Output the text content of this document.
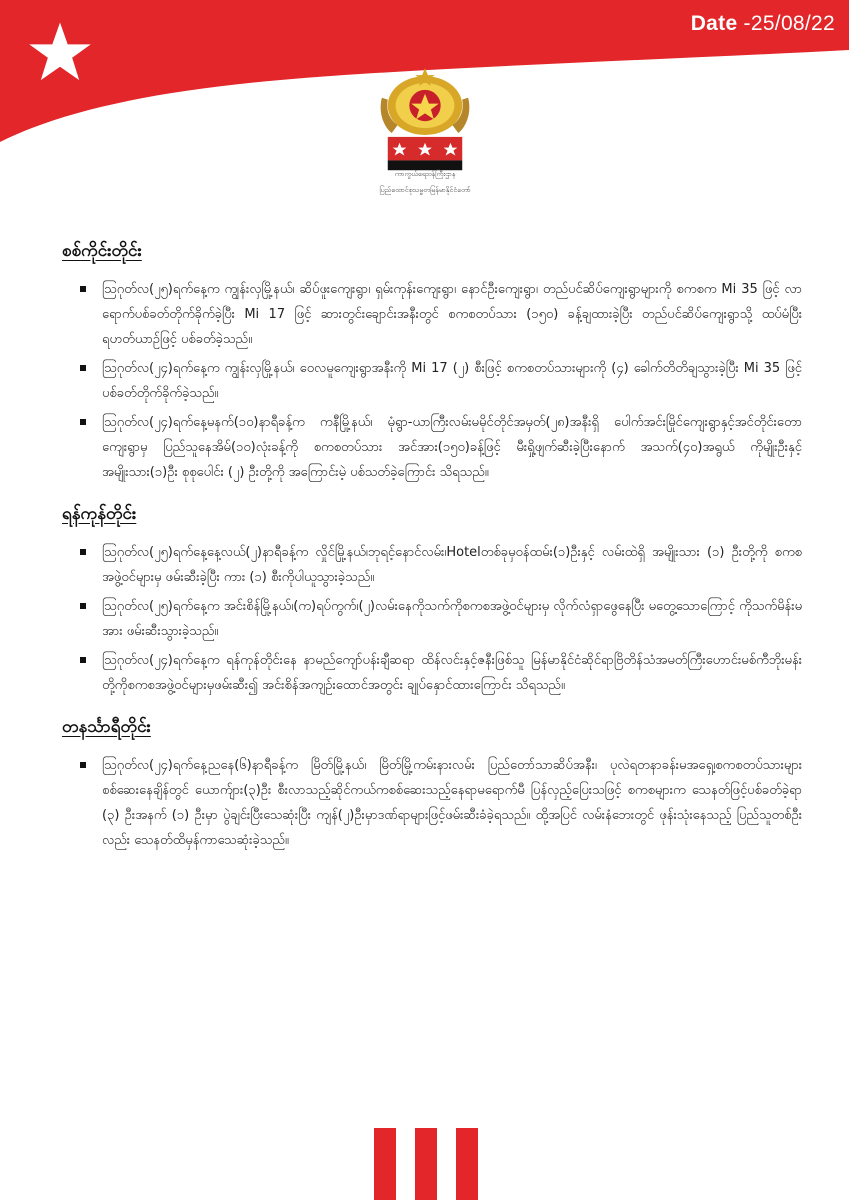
Date -25/08/22
ကာကွယ်ရေးဝန်ကြီးဌာန
ပြည်ထောင်စုသမ္မတမြန်မာနိုင်ငံတော်
စစ်ကိုင်းတိုင်း
ဩဂုတ်လ(၂၅)ရက်နေ့က ကျွန်းလှမြို့နယ်၊ ဆိပ်ဖူးကျေးရွာ၊ ရှမ်းကုန်းကျေးရွာ၊ နောင်ဦးကျေးရွာ၊ တည်ပင်ဆိပ်ကျေးရွာများကို စကစက Mi 35 ဖြင့် လာရောက်ပစ်ခတ်တိုက်ခိုက်ခဲ့ပြီး Mi 17 ဖြင့် ဆားတွင်းချောင်းအနီးတွင် စကစတပ်သား (၁၅၀) ခန့်ချထားခဲ့ပြီး တည်ပင်ဆိပ်ကျေးရွာသို့ ထပ်မံပြီး ရဟတ်ယာဉ်ဖြင့် ပစ်ခတ်ခဲ့သည်။
ဩဂုတ်လ(၂၄)ရက်နေ့က ကျွန်းလှမြို့နယ်၊ ဝေလမူကျေးရွာအနီးကို Mi 17 (၂) စီးဖြင့် စကစတပ်သားများကို (၄) ခေါက်တိတိချသွားခဲ့ပြီး Mi 35 ဖြင့် ပစ်ခတ်တိုက်ခိုက်ခဲ့သည်။
ဩဂုတ်လ(၂၄)ရက်နေ့မနက်(၁၀)နာရီခန့်က ကနီမြို့နယ်၊ မုံရွာ-ယာကြီးလမ်းမမိုင်တိုင်အမှတ်(၂၈)အနီးရှိ ပေါက်အင်းမြိုင်ကျေးရွာနှင့်အင်တိုင်းတောကျေးရွာမှ ပြည်သူနေအိမ်(၁၀)လုံးခန့်ကို စကစတပ်သား အင်အား(၁၅၀)ခန့်ဖြင့် မီးရှို့ဖျက်ဆီးခဲ့ပြီးနောက် အသက်(၄၀)အရွယ် ကိုမျိုးဦးနှင့်အမျိုးသား(၁)ဦး စုစုပေါင်း (၂) ဦးတို့ကို အကြောင်းမဲ့ ပစ်သတ်ခဲ့ကြောင်း သိရသည်။
ရန်ကုန်တိုင်း
ဩဂုတ်လ(၂၅)ရက်နေ့နေ့လယ်(၂)နာရီခန့်က လှိုင်မြို့နယ်၊ဘုရင့်နောင်လမ်း၊Hotelတစ်ခုမှဝန်ထမ်း(၁)ဦးနှင့် လမ်းထဲရှိ အမျိုးသား (၁) ဦးတို့ကို စကစအဖွဲ့ဝင်များမှ ဖမ်းဆီးခဲ့ပြီး ကား (၁) စီးကိုပါယူသွားခဲ့သည်။
ဩဂုတ်လ(၂၅)ရက်နေ့က အင်းစိန်မြို့နယ်၊(က)ရပ်ကွက်၊(၂)လမ်းနေကိုသက်ကိုစကစအဖွဲ့ဝင်များမှ လိုက်လံရှာဖွေနေပြီး မတွေ့သောကြောင့် ကိုသက်မိန်းမအား ဖမ်းဆီးသွားခဲ့သည်။
ဩဂုတ်လ(၂၄)ရက်နေ့က ရန်ကုန်တိုင်းနေ နာမည်ကျော်ပန်းချီဆရာ ထိန်လင်းနှင့်ဇနီးဖြစ်သူ မြန်မာနိုင်ငံဆိုင်ရာဗြိတိန်သံအမတ်ကြီးဟောင်းမစ်ကီဘိုးမန်းတို့ကိုစကစအဖွဲ့ဝင်များမှဖမ်းဆီး၍ အင်းစိန်အကျဉ်းထောင်အတွင်း ချုပ်နှောင်ထားကြောင်း သိရသည်။
တနင်္သာရီတိုင်း
ဩဂုတ်လ(၂၄)ရက်နေ့ညနေ(၆)နာရီခန့်က မြိတ်မြို့နယ်၊ မြိတ်မြို့ကမ်းနားလမ်း ပြည်တော်သာဆိပ်အနီး၊ ပုလဲရတနာခန်းမအရှေ့၊စကစတပ်သားများစစ်ဆေးနေချိန်တွင် ယောက်ျား(၃)ဦး စီးလာသည့်ဆိုင်ကယ်ကစစ်ဆေးသည့်နေရာမရောက်မီ ပြန်လှည့်ပြေးသဖြင့် စကစများက သေနတ်ဖြင့်ပစ်ခတ်ခဲ့ရာ (၃) ဦးအနက် (၁) ဦးမှာ ပွဲချင်းပြီးသေဆုံးပြီး ကျန်(၂)ဦးမှာဒဏ်ရာများဖြင့်ဖမ်းဆီးခံခဲ့ရသည်။ ထို့အပြင် လမ်းနံဘေးတွင် ဖုန်းသုံးနေသည့် ပြည်သူတစ်ဦးလည်း သေနတ်ထိမှန်ကာသေဆုံးခဲ့သည်။
